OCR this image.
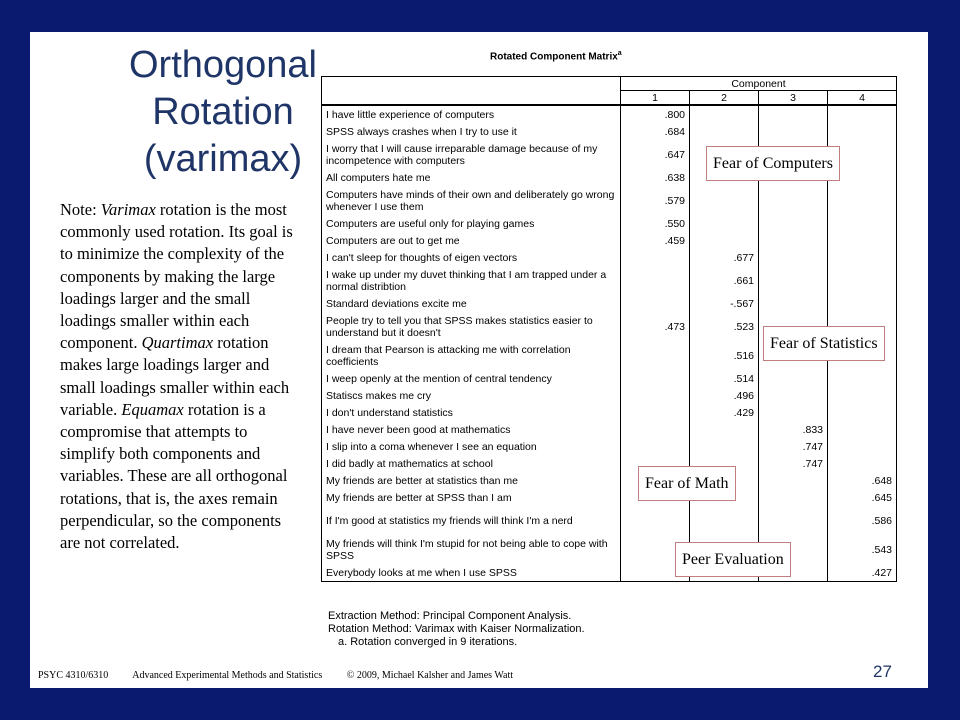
Orthogonal Rotation (varimax)
Note: Varimax rotation is the most commonly used rotation. Its goal is to minimize the complexity of the components by making the large loadings larger and the small loadings smaller within each component. Quartimax rotation makes large loadings larger and small loadings smaller within each variable. Equamax rotation is a compromise that attempts to simplify both components and variables. These are all orthogonal rotations, that is, the axes remain perpendicular, so the components are not correlated.
Rotated Component Matrix$^a$
	Component			
	1	2	3	4
I have little experience of computers	.800			
SPSS always crashes when I try to use it	.684			
I worry that I will cause irreparable damage because of my incompetence with computers	.647			
All computers hate me	.638			
Computers have minds of their own and deliberately go wrong whenever I use them	.579			
Computers are useful only for playing games	.550			
Computers are out to get me	.459			
I can't sleep for thoughts of eigen vectors		.677		
I wake up under my duvet thinking that I am trapped under a normal distribtion		.661		
Standard deviations excite me		-.567		
People try to tell you that SPSS makes statistics easier to understand but it doesn't	.473	.523		
I dream that Pearson is attacking me with correlation coefficients		.516		
I weep openly at the mention of central tendency		.514		
Statiscs makes me cry		.496		
I don't understand statistics		.429		
I have never been good at mathematics			.833	
I slip into a coma whenever I see an equation			.747	
I did badly at mathematics at school			.747	
My friends are better at statistics than me				.648
My friends are better at SPSS than I am				.645
If I'm good at statistics my friends will think I'm a nerd				.586
My friends will think I'm stupid for not being able to cope with SPSS				.543
Everybody looks at me when I use SPSS				.427
Extraction Method: Principal Component Analysis.
Rotation Method: Varimax with Kaiser Normalization.
a. Rotation converged in 9 iterations.
Fear of Computers
Fear of Statistics
Fear of Math
Peer Evaluation
PSYC 4310/6310 Advanced Experimental Methods and Statistics © 2009, Michael Kalsher and James Watt	27
